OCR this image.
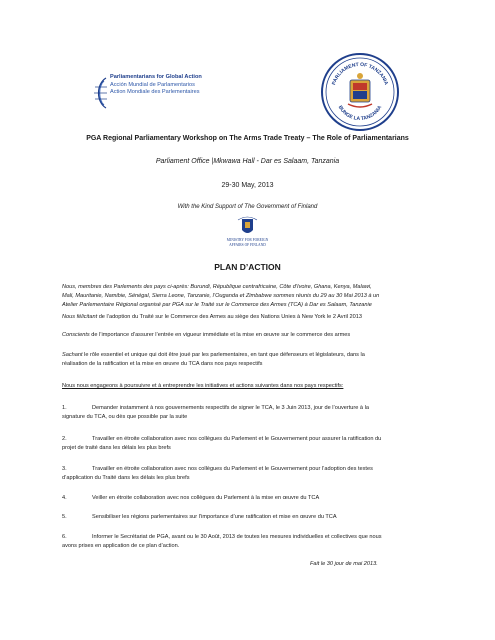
Parliamentarians for Global Action
Acción Mundial de Parlamentarios
Action Mondiale des Parlementaires
PARLIAMENT OF TANZANIA
BUNGE LA TANZANIA
PGA Regional Parliamentary Workshop on The Arms Trade Treaty – The Role of Parliamentarians
Parliament Office |Mkwawa Hall - Dar es Salaam, Tanzania
29-30 May, 2013
With the Kind Support of The Government of Finland
MINISTRY FOR FOREIGN
AFFAIRS OF FINLAND
PLAN D’ACTION
Nous, membres des Parlements des pays ci-après: Burundi, République centrafricaine, Côte d’Ivoire, Ghana, Kenya, Malawi,
Mali, Mauritanie, Namibie, Sénégal, Sierra Leone, Tanzanie, l’Ouganda et Zimbabwe sommes réunis du 29 au 30 Mai 2013 à un
Atelier Parlementaire Régional organisé par PGA sur le Traité sur le Commerce des Armes (TCA) à Dar es Salaam, Tanzanie
Nous félicitant de l’adoption du Traité sur le Commerce des Armes au siège des Nations Unies à New York le 2 Avril 2013
Conscients de l’importance d’assurer l’entrée en vigueur immédiate et la mise en œuvre sur le commerce des armes
Sachant le rôle essentiel et unique qui doit être joué par les parlementaires, en tant que défenseurs et législateurs, dans la
réalisation de la ratification et la mise en œuvre du TCA dans nos pays respectifs
Nous nous engageons à poursuivre et à entreprendre les initiatives et actions suivantes dans nos pays respectifs:
1.	Demander instamment à nos gouvernements respectifs de signer le TCA, le 3 Juin 2013, jour de l’ouverture à la
signature du TCA, ou dès que possible par la suite
2.	Travailler en étroite collaboration avec nos collègues du Parlement et le Gouvernement pour assurer la ratification du
projet de traité dans les délais les plus brefs
3.	Travailler en étroite collaboration avec nos collègues du Parlement et le Gouvernement pour l’adoption des textes
d’application du Traité dans les délais les plus brefs
4.	Veiller en étroite collaboration avec nos collègues du Parlement à la mise en œuvre du TCA
5.	Sensibiliser les régions parlementaires sur l’importance d’une ratification et mise en œuvre du TCA
6.	Informer le Secrétariat de PGA, avant ou le 30 Août, 2013 de toutes les mesures individuelles et collectives que nous
avons prises en application de ce plan d’action.
Fait le 30 jour de mai 2013.
